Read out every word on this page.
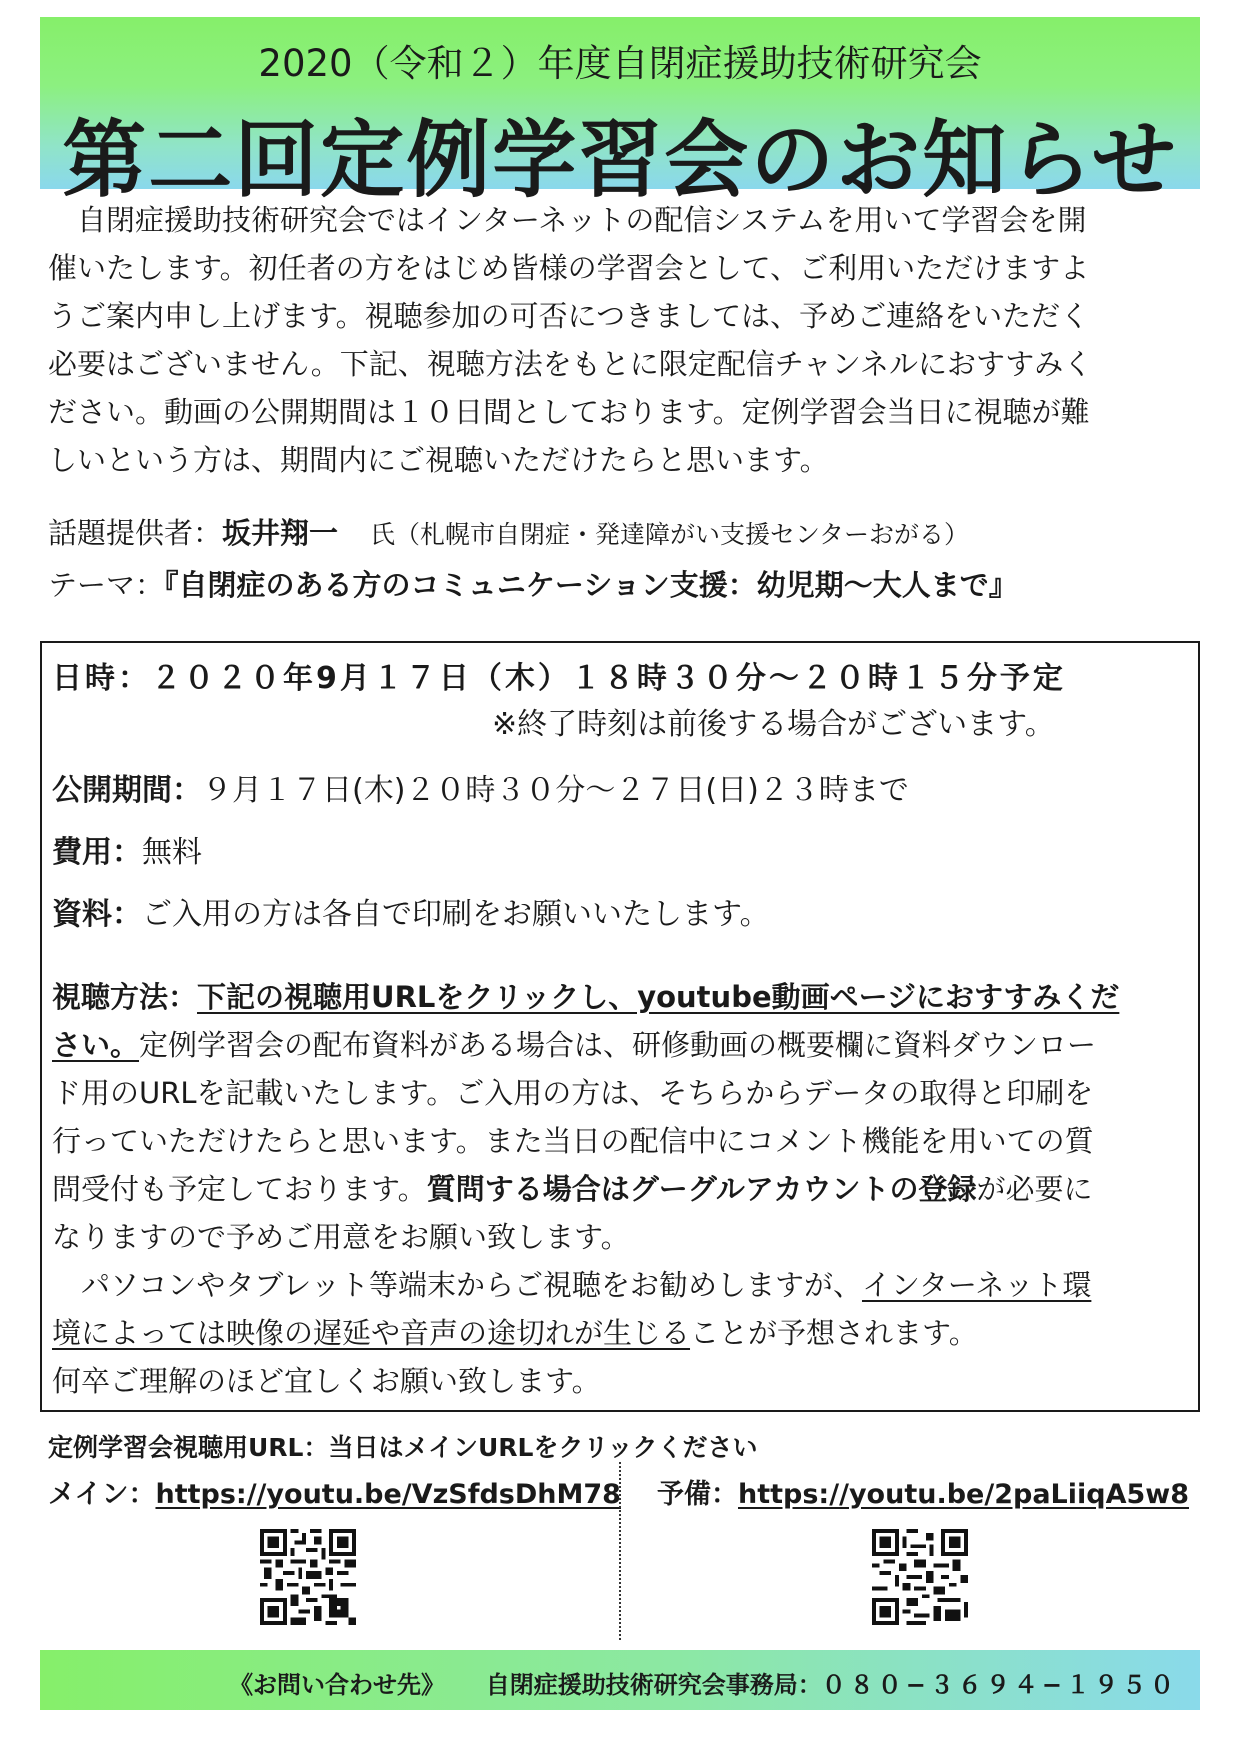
2020（令和２）年度自閉症援助技術研究会
第二回定例学習会のお知らせ

自閉症援助技術研究会ではインターネットの配信システムを用いて学習会を開

催いたします。初任者の方をはじめ皆様の学習会として、ご利用いただけますよ
うご案内申し上げます。視聴参加の可否につきましては、予めご連絡をいただく
必要はございません。下記、視聴方法をもとに限定配信チャンネルにおすすみく
ださい。動画の公開期間は１０日間としております。定例学習会当日に視聴が難
しいという方は、期間内にご視聴いただけたらと思います。
話題提供者：坂井翔一 氏（札幌市自閉症・発達障がい支援センターおがる）
テーマ：『自閉症のある方のコミュニケーション支援：幼児期〜大人まで』
日時：２０２０年9月１７日（木）１８時３０分〜２０時１５分予定
※終了時刻は前後する場合がございます。
公開期間：９月１７日(木)２０時３０分〜２７日(日)２３時まで
費用：無料
資料：ご入用の方は各自で印刷をお願いいたします。

視聴方法：下記の視聴用URLをクリックし、youtube動画ページにおすすみくだ

さい。定例学習会の配布資料がある場合は、研修動画の概要欄に資料ダウンロー

ド用のURLを記載いたします。ご入用の方は、そちらからデータの取得と印刷を

行っていただけたらと思います。また当日の配信中にコメント機能を用いての質

問受付も予定しております。質問する場合はグーグルアカウントの登録が必要に

なりますので予めご用意をお願い致します。

パソコンやタブレット等端末からご視聴をお勧めしますが、インターネット環

境によっては映像の遅延や音声の途切れが生じることが予想されます。

何卒ご理解のほど宜しくお願い致します。

定例学習会視聴用URL：当日はメインURLをクリックください
メイン：https://youtu.be/VzSfdsDhM78 予備：https://youtu.be/2paLiiqA5w8
《お問い合わせ先》 自閉症援助技術研究会事務局：０８０−３６９４−１９５０
